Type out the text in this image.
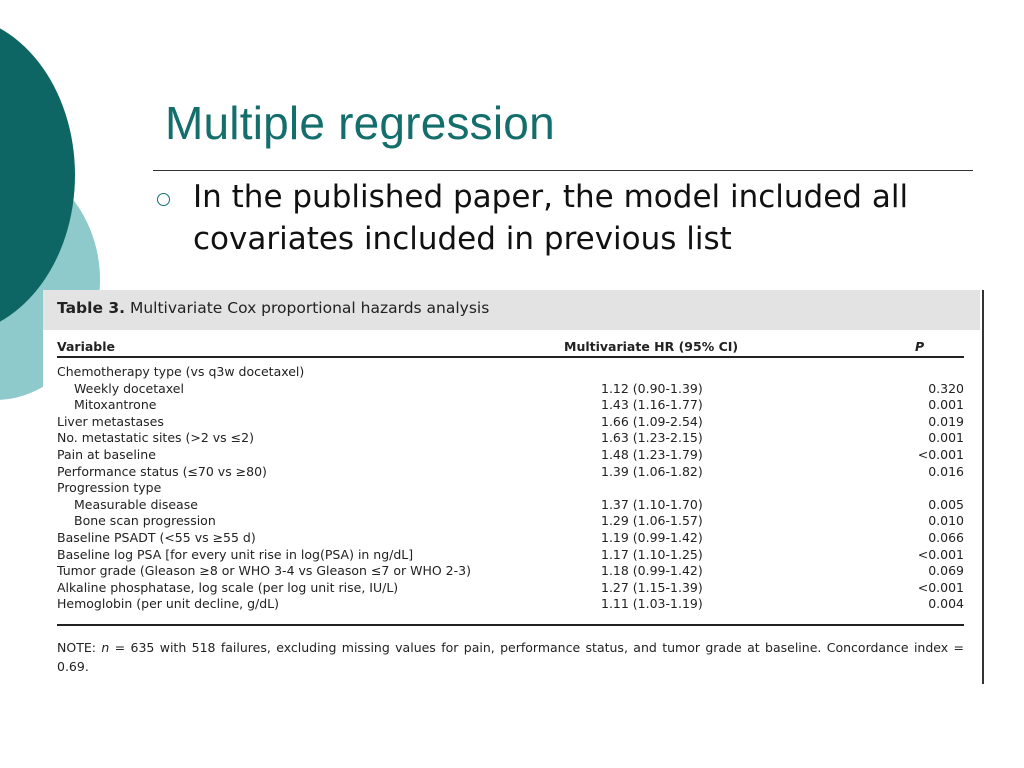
Multiple regression

In the published paper, the model included all covariates included in previous list

Table 3. Multivariate Cox proportional hazards analysis

Variable	Multivariate HR (95% CI)	P
Chemotherapy type (vs q3w docetaxel)
Weekly docetaxel	1.12 (0.90-1.39)	0.320
Mitoxantrone	1.43 (1.16-1.77)	0.001
Liver metastases	1.66 (1.09-2.54)	0.019
No. metastatic sites (>2 vs ≤2)	1.63 (1.23-2.15)	0.001
Pain at baseline	1.48 (1.23-1.79)	<0.001
Performance status (≤70 vs ≥80)	1.39 (1.06-1.82)	0.016
Progression type
Measurable disease	1.37 (1.10-1.70)	0.005
Bone scan progression	1.29 (1.06-1.57)	0.010
Baseline PSADT (<55 vs ≥55 d)	1.19 (0.99-1.42)	0.066
Baseline log PSA [for every unit rise in log(PSA) in ng/dL]	1.17 (1.10-1.25)	<0.001
Tumor grade (Gleason ≥8 or WHO 3-4 vs Gleason ≤7 or WHO 2-3)	1.18 (0.99-1.42)	0.069
Alkaline phosphatase, log scale (per log unit rise, IU/L)	1.27 (1.15-1.39)	<0.001
Hemoglobin (per unit decline, g/dL)	1.11 (1.03-1.19)	0.004

NOTE: n = 635 with 518 failures, excluding missing values for pain, performance status, and tumor grade at baseline. Concordance index = 0.69.
